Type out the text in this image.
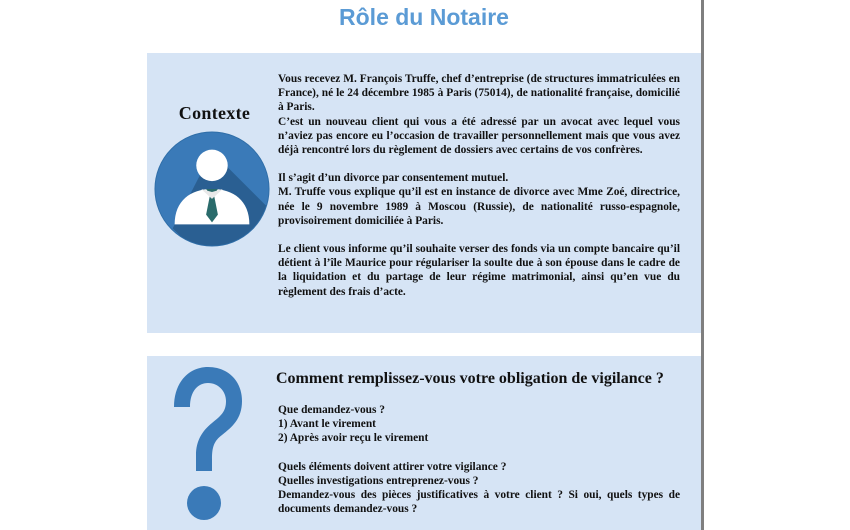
Rôle du Notaire
Contexte

Vous recevez M. François Truffe, chef d’entreprise (de structures immatriculées en France), né le 24 décembre 1985 à Paris (75014), de nationalité française, domicilié à Paris.

C’est un nouveau client qui vous a été adressé par un avocat avec lequel vous n’aviez pas encore eu l’occasion de travailler personnellement mais que vous avez déjà rencontré lors du règlement de dossiers avec certains de vos confrères.

Il s’agit d’un divorce par consentement mutuel.

M. Truffe vous explique qu’il est en instance de divorce avec Mme Zoé, directrice, née le 9 novembre 1989 à Moscou (Russie), de nationalité russo-espagnole, provisoirement domiciliée à Paris.

Le client vous informe qu’il souhaite verser des fonds via un compte bancaire qu’il détient à l’île Maurice pour régulariser la soulte due à son épouse dans le cadre de la liquidation et du partage de leur régime matrimonial, ainsi qu’en vue du règlement des frais d’acte.

Comment remplissez-vous votre obligation de vigilance ?

Que demandez-vous ?

1) Avant le virement

2) Après avoir reçu le virement

Quels éléments doivent attirer votre vigilance ?

Quelles investigations entreprenez-vous ?

Demandez-vous des pièces justificatives à votre client ? Si oui, quels types de documents demandez-vous ?
